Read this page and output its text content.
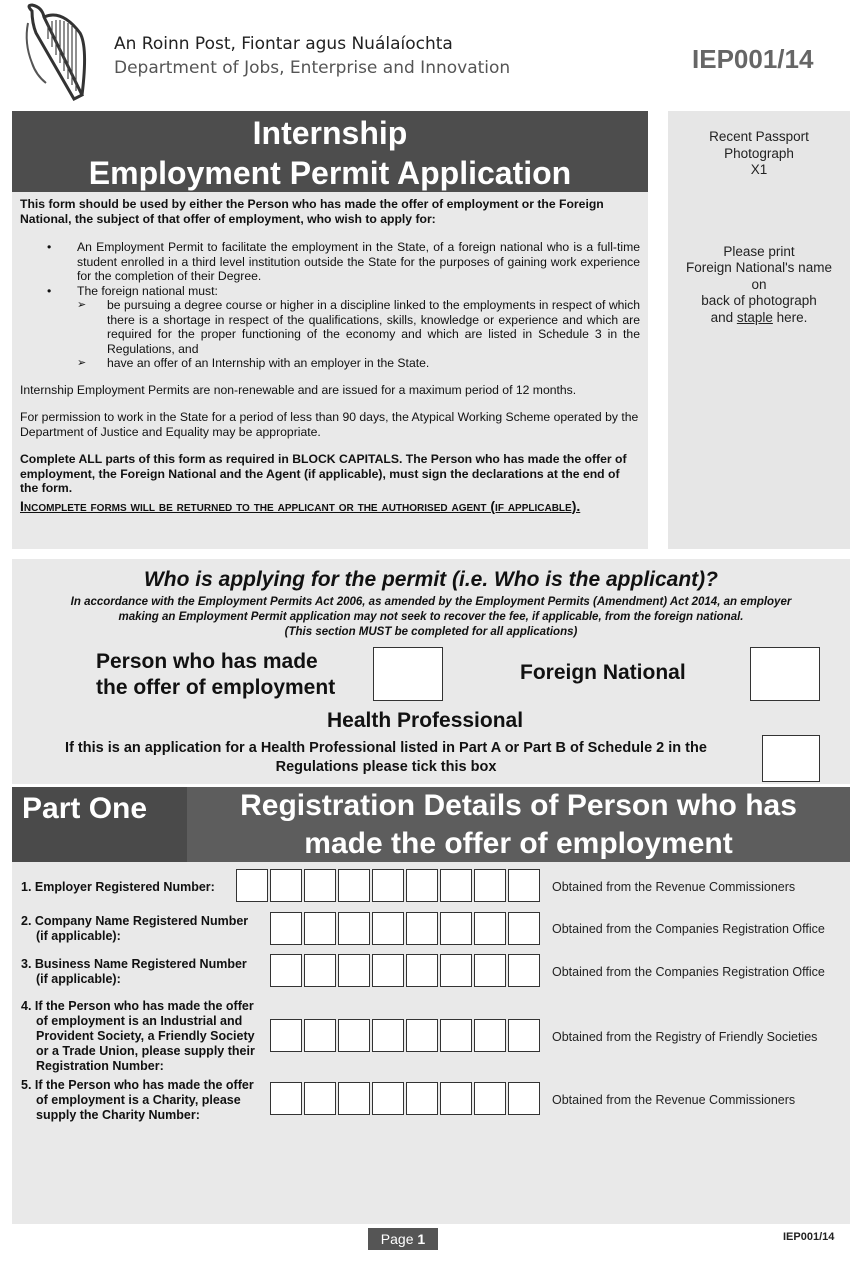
An Roinn Post, Fiontar agus Nuálaíochta
Department of Jobs, Enterprise and Innovation	IEP001/14
Internship
Employment Permit Application

This form should be used by either the Person who has made the offer of employment or the Foreign National, the subject of that offer of employment, who wish to apply for:

• An Employment Permit to facilitate the employment in the State, of a foreign national who is a full-time student enrolled in a third level institution outside the State for the purposes of gaining work experience for the completion of their Degree.
• The foreign national must:
➢ be pursuing a degree course or higher in a discipline linked to the employments in respect of which there is a shortage in respect of the qualifications, skills, knowledge or experience and which are required for the proper functioning of the economy and which are listed in Schedule 3 in the Regulations, and
➢ have an offer of an Internship with an employer in the State.

Internship Employment Permits are non-renewable and are issued for a maximum period of 12 months.

For permission to work in the State for a period of less than 90 days, the Atypical Working Scheme operated by the Department of Justice and Equality may be appropriate.

Complete ALL parts of this form as required in BLOCK CAPITALS. The Person who has made the offer of employment, the Foreign National and the Agent (if applicable), must sign the declarations at the end of the form.

Incomplete forms will be returned to the applicant or the authorised agent (if applicable).

Recent Passport
Photograph
X1
Please print
Foreign National's name
on
back of photograph
and staple here.
Who is applying for the permit (i.e. Who is the applicant)?
In accordance with the Employment Permits Act 2006, as amended by the Employment Permits (Amendment) Act 2014, an employer
making an Employment Permit application may not seek to recover the fee, if applicable, from the foreign national.
(This section MUST be completed for all applications)
Person who has made
the offer of employment
Foreign National
Health Professional
If this is an application for a Health Professional listed in Part A or Part B of Schedule 2 in the
Regulations please tick this box
Part One	Registration Details of Person who has
made the offer of employment
1. Employer Registered Number:	Obtained from the Revenue Commissioners
2. Company Name Registered Number
(if applicable):	Obtained from the Companies Registration Office
3. Business Name Registered Number
(if applicable):	Obtained from the Companies Registration Office
4. If the Person who has made the offer
of employment is an Industrial and
Provident Society, a Friendly Society
or a Trade Union, please supply their
Registration Number:
Obtained from the Registry of Friendly Societies
5. If the Person who has made the offer
of employment is a Charity, please
supply the Charity Number:
Obtained from the Revenue Commissioners
Page 1	IEP001/14
